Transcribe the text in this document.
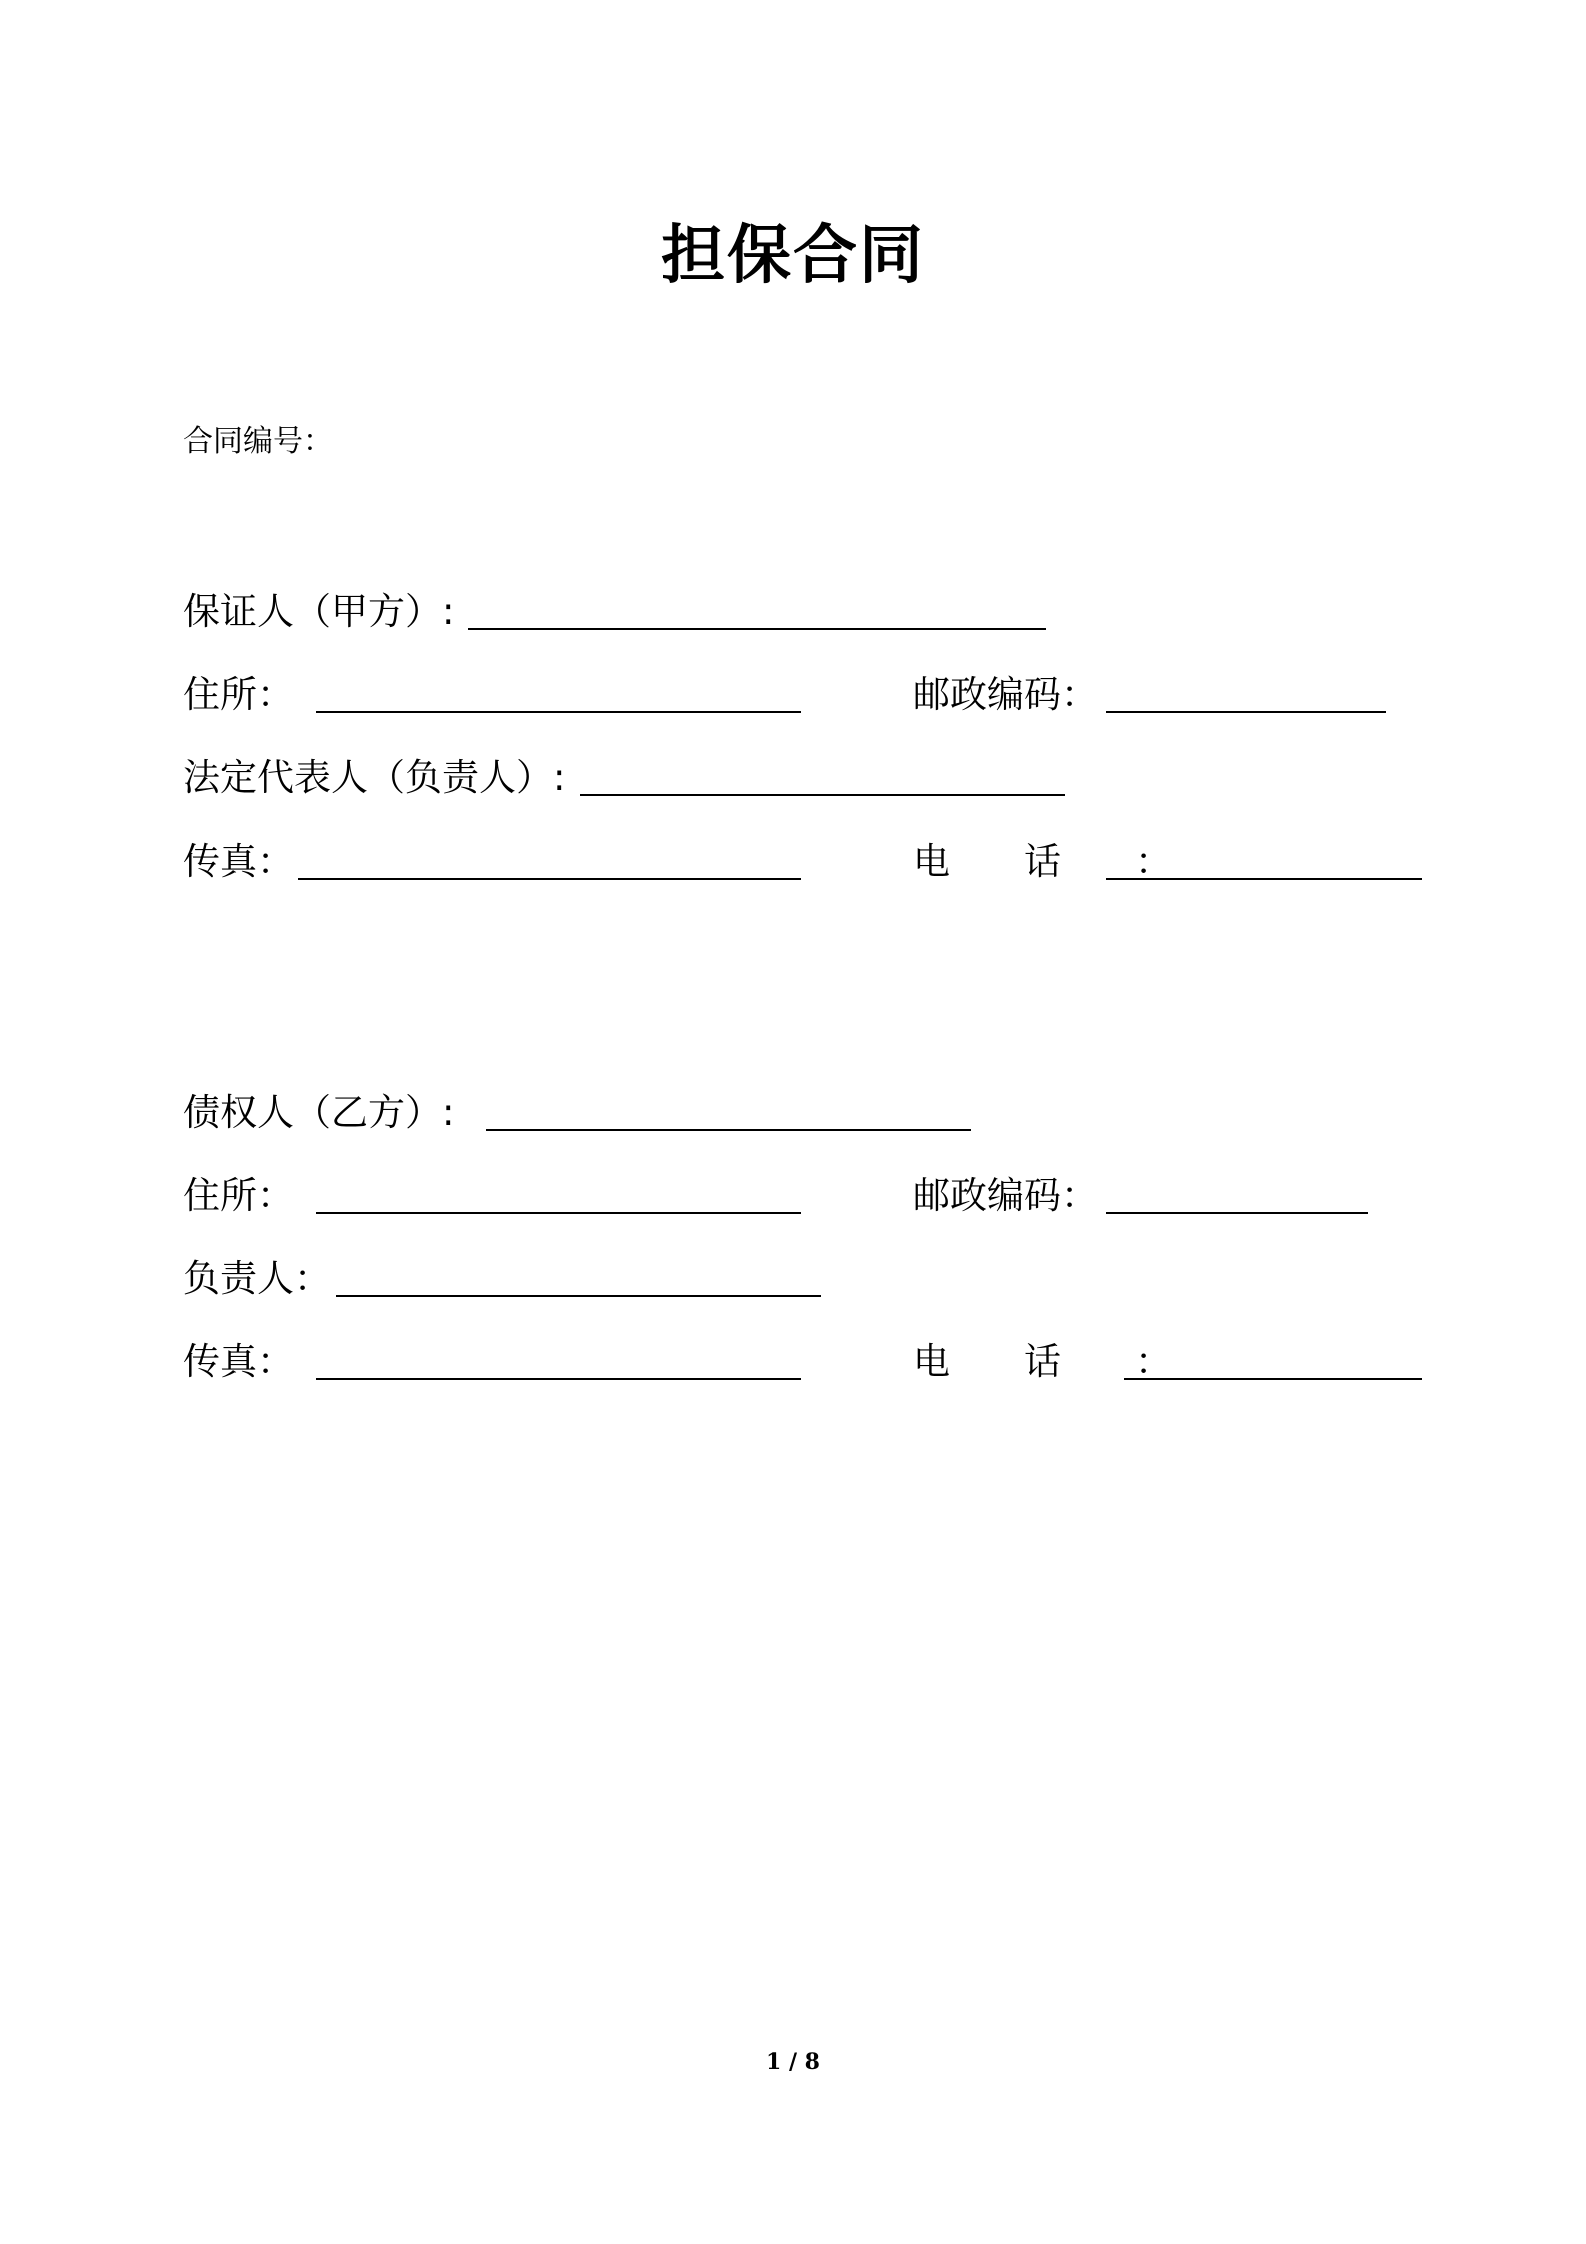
担保合同
合同编号：
保证人（甲方）:
住所：	邮政编码：
法定代表人（负责人）:
传真：	电话：
债权人（乙方）:
住所：	邮政编码：
负责人：
传真：	电话：
1 / 8
